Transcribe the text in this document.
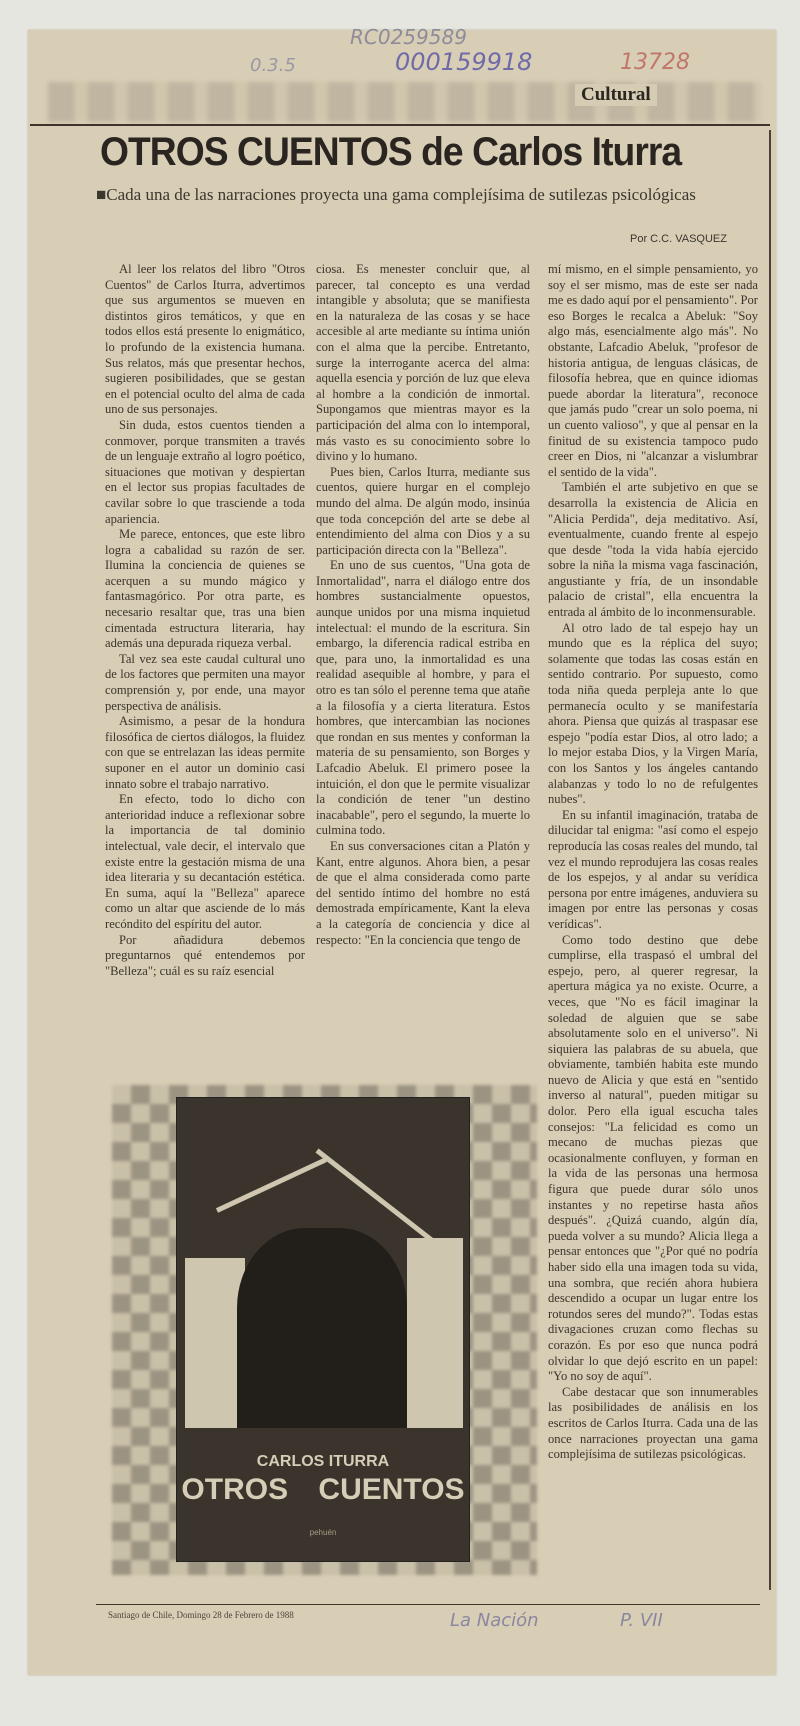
RC0259589
0.3.5	000159918	13728
Cultural
OTROS CUENTOS de Carlos Iturra
■Cada una de las narraciones proyecta una gama complejísima de sutilezas psicológicas
Por C.C. VASQUEZ

Al leer los relatos del libro "Otros Cuentos" de Carlos Iturra, advertimos que sus argumentos se mueven en distintos giros temáticos, y que en todos ellos está presente lo enigmático, lo profundo de la existencia humana. Sus relatos, más que presentar hechos, sugieren posibilidades, que se gestan en el potencial oculto del alma de cada uno de sus personajes.

Sin duda, estos cuentos tienden a conmover, porque transmiten a través de un lenguaje extraño al logro poético, situaciones que motivan y despiertan en el lector sus propias facultades de cavilar sobre lo que trasciende a toda apariencia.

Me parece, entonces, que este libro logra a cabalidad su razón de ser. Ilumina la conciencia de quienes se acerquen a su mundo mágico y fantasmagórico. Por otra parte, es necesario resaltar que, tras una bien cimentada estructura literaria, hay además una depurada riqueza verbal.

Tal vez sea este caudal cultural uno de los factores que permiten una mayor comprensión y, por ende, una mayor perspectiva de análisis.

Asimismo, a pesar de la hondura filosófica de ciertos diálogos, la fluidez con que se entrelazan las ideas permite suponer en el autor un dominio casi innato sobre el trabajo narrativo.

En efecto, todo lo dicho con anterioridad induce a reflexionar sobre la importancia de tal dominio intelectual, vale decir, el intervalo que existe entre la gestación misma de una idea literaria y su decantación estética. En suma, aquí la "Belleza" aparece como un altar que asciende de lo más recóndito del espíritu del autor.

Por añadidura debemos preguntarnos qué entendemos por "Belleza"; cuál es su raíz esencial

ciosa. Es menester concluir que, al parecer, tal concepto es una verdad intangible y absoluta; que se manifiesta en la naturaleza de las cosas y se hace accesible al arte mediante su íntima unión con el alma que la percibe. Entretanto, surge la interrogante acerca del alma: aquella esencia y porción de luz que eleva al hombre a la condición de inmortal. Supongamos que mientras mayor es la participación del alma con lo intemporal, más vasto es su conocimiento sobre lo divino y lo humano.

Pues bien, Carlos Iturra, mediante sus cuentos, quiere hurgar en el complejo mundo del alma. De algún modo, insinúa que toda concepción del arte se debe al entendimiento del alma con Dios y a su participación directa con la "Belleza".

En uno de sus cuentos, "Una gota de Inmortalidad", narra el diálogo entre dos hombres sustancialmente opuestos, aunque unidos por una misma inquietud intelectual: el mundo de la escritura. Sin embargo, la diferencia radical estriba en que, para uno, la inmortalidad es una realidad asequible al hombre, y para el otro es tan sólo el perenne tema que atañe a la filosofía y a cierta literatura. Estos hombres, que intercambian las nociones que rondan en sus mentes y conforman la materia de su pensamiento, son Borges y Lafcadio Abeluk. El primero posee la intuición, el don que le permite visualizar la condición de tener "un destino inacabable", pero el segundo, la muerte lo culmina todo.

En sus conversaciones citan a Platón y Kant, entre algunos. Ahora bien, a pesar de que el alma considerada como parte del sentido íntimo del hombre no está demostrada empíricamente, Kant la eleva a la categoría de conciencia y dice al respecto: "En la conciencia que tengo de

mí mismo, en el simple pensamiento, yo soy el ser mismo, mas de este ser nada me es dado aquí por el pensamiento". Por eso Borges le recalca a Abeluk: "Soy algo más, esencialmente algo más". No obstante, Lafcadio Abeluk, "profesor de historia antigua, de lenguas clásicas, de filosofía hebrea, que en quince idiomas puede abordar la literatura", reconoce que jamás pudo "crear un solo poema, ni un cuento valioso", y que al pensar en la finitud de su existencia tampoco pudo creer en Dios, ni "alcanzar a vislumbrar el sentido de la vida".

También el arte subjetivo en que se desarrolla la existencia de Alicia en "Alicia Perdida", deja meditativo. Así, eventualmente, cuando frente al espejo que desde "toda la vida había ejercido sobre la niña la misma vaga fascinación, angustiante y fría, de un insondable palacio de cristal", ella encuentra la entrada al ámbito de lo inconmensurable.

Al otro lado de tal espejo hay un mundo que es la réplica del suyo; solamente que todas las cosas están en sentido contrario. Por supuesto, como toda niña queda perpleja ante lo que permanecía oculto y se manifestaría ahora. Piensa que quizás al traspasar ese espejo "podía estar Dios, al otro lado; a lo mejor estaba Dios, y la Virgen María, con los Santos y los ángeles cantando alabanzas y todo lo no de refulgentes nubes".

En su infantil imaginación, trataba de dilucidar tal enigma: "así como el espejo reproducía las cosas reales del mundo, tal vez el mundo reprodujera las cosas reales de los espejos, y al andar su verídica persona por entre imágenes, anduviera su imagen por entre las personas y cosas verídicas".

Como todo destino que debe cumplirse, ella traspasó el umbral del espejo, pero, al querer regresar, la apertura mágica ya no existe. Ocurre, a veces, que "No es fácil imaginar la soledad de alguien que se sabe absolutamente solo en el universo". Ni siquiera las palabras de su abuela, que obviamente, también habita este mundo nuevo de Alicia y que está en "sentido inverso al natural", pueden mitigar su dolor. Pero ella igual escucha tales consejos: "La felicidad es como un mecano de muchas piezas que ocasionalmente confluyen, y forman en la vida de las personas una hermosa figura que puede durar sólo unos instantes y no repetirse hasta años después". ¿Quizá cuando, algún día, pueda volver a su mundo? Alicia llega a pensar entonces que "¿Por qué no podría haber sido ella una imagen toda su vida, una sombra, que recién ahora hubiera descendido a ocupar un lugar entre los rotundos seres del mundo?". Todas estas divagaciones cruzan como flechas su corazón. Es por eso que nunca podrá olvidar lo que dejó escrito en un papel: "Yo no soy de aquí".

Cabe destacar que son innumerables las posibilidades de análisis en los escritos de Carlos Iturra. Cada una de las once narraciones proyectan una gama complejísima de sutilezas psicológicas.

CARLOS ITURRA
OTROS CUENTOS
pehuén
Santiago de Chile, Domingo 28 de Febrero de 1988	La Nación	P. VII
